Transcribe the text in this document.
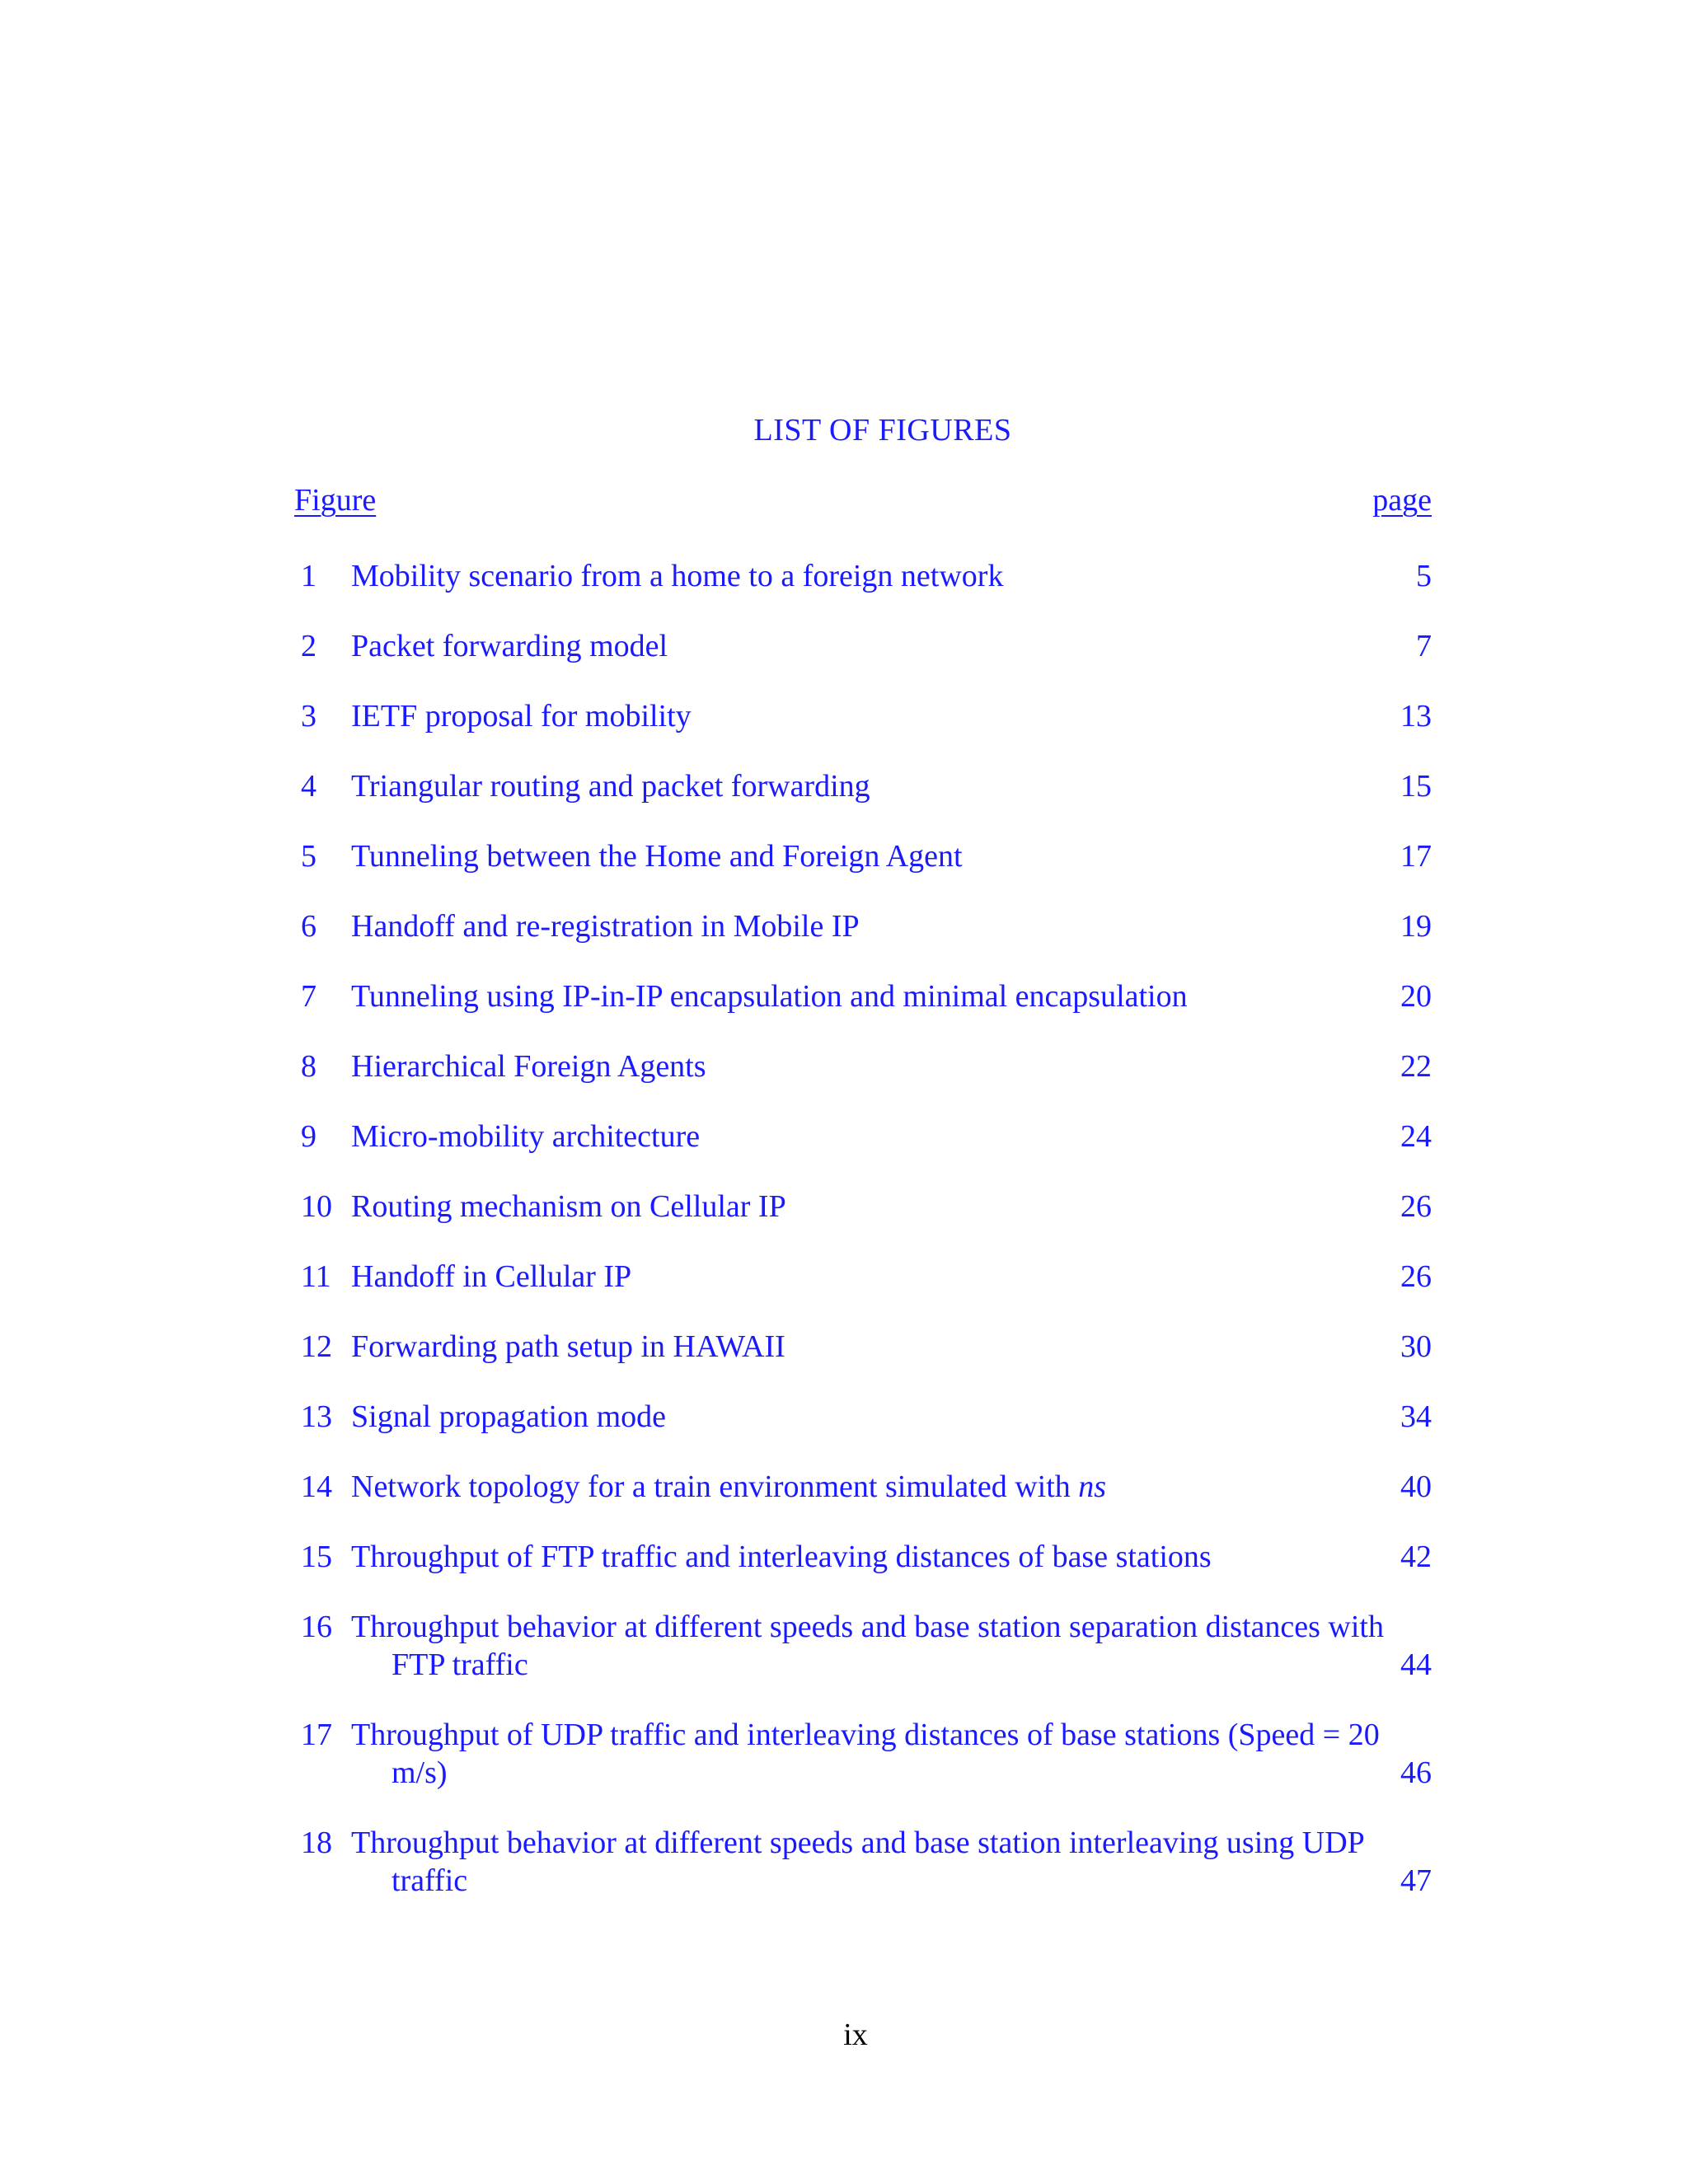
LIST OF FIGURES
Figure	page
1	Mobility scenario from a home to a foreign network	5
2	Packet forwarding model	7
3	IETF proposal for mobility	13
4	Triangular routing and packet forwarding	15
5	Tunneling between the Home and Foreign Agent	17
6	Handoff and re-registration in Mobile IP	19
7	Tunneling using IP-in-IP encapsulation and minimal encapsulation	20
8	Hierarchical Foreign Agents	22
9	Micro-mobility architecture	24
10 Routing mechanism on Cellular IP	26
11 Handoff in Cellular IP	26
12 Forwarding path setup in HAWAII	30
13 Signal propagation mode	34
14 Network topology for a train environment simulated with ns	40
15 Throughput of FTP traffic and interleaving distances of base stations	42
16 Throughput behavior at different speeds and base station separation distances with
FTP traffic	44
17 Throughput of UDP traffic and interleaving distances of base stations (Speed = 20
m/s)	46
18 Throughput behavior at different speeds and base station interleaving using UDP
traffic	47
ix
